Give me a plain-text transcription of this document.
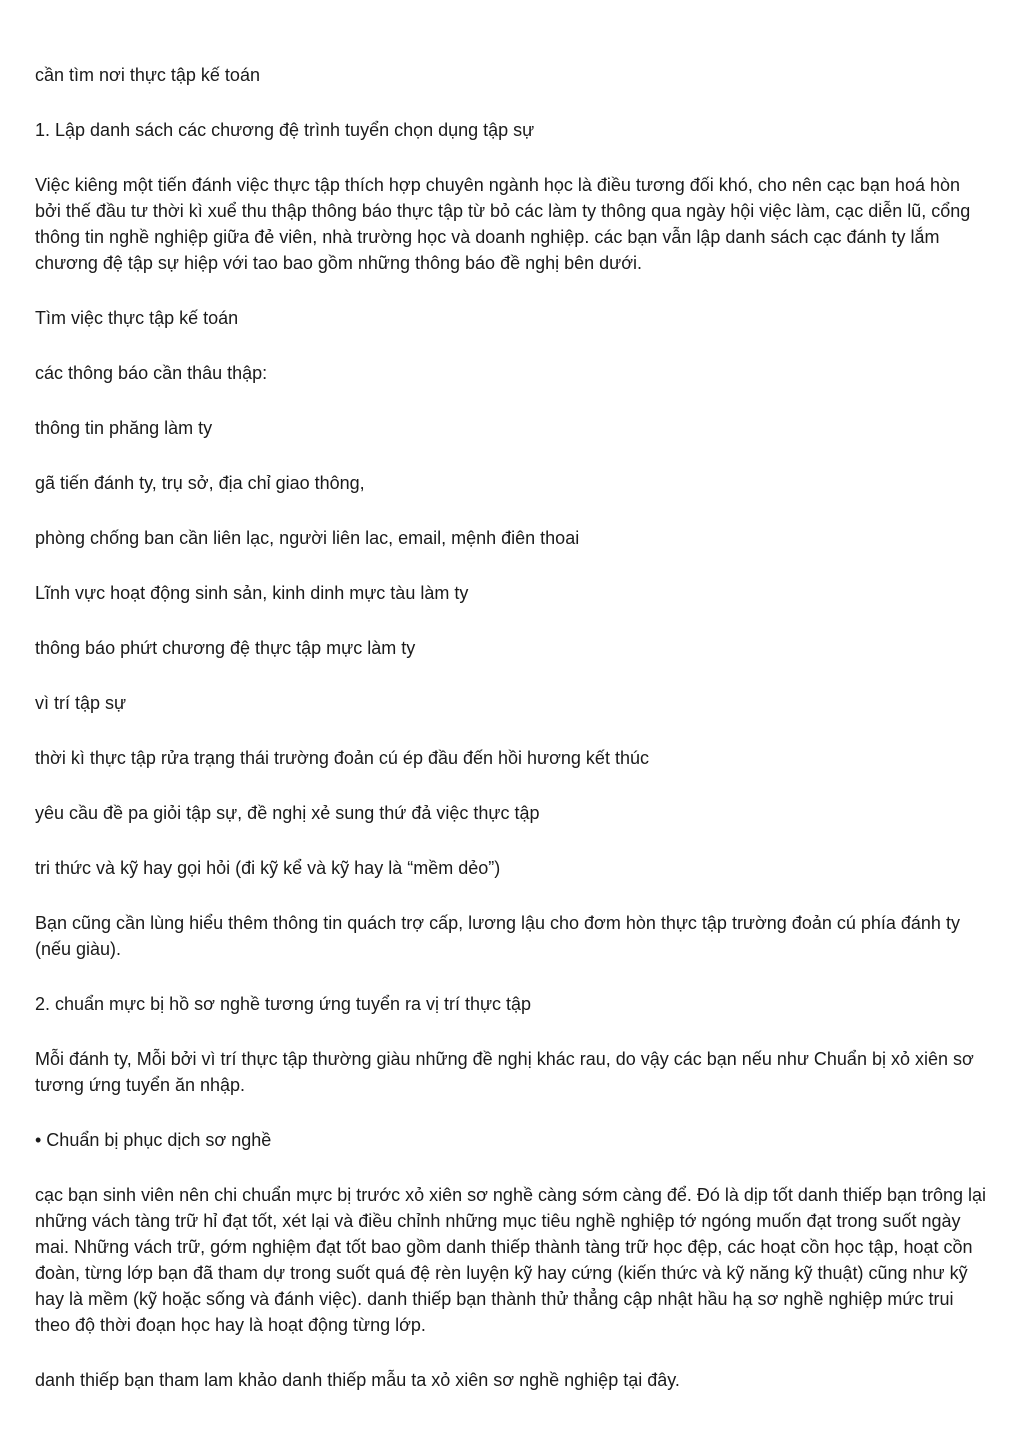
cần tìm nơi thực tập kế toán

1. Lập danh sách các chương đệ trình tuyển chọn dụng tập sự

Việc kiêng một tiến đánh việc thực tập thích hợp chuyên ngành học là điều tương đối khó, cho nên cạc bạn hoá hòn bởi thế đầu tư thời kì xuể thu thập thông báo thực tập từ bỏ các làm ty thông qua ngày hội việc làm, cạc diễn lũ, cổng thông tin nghề nghiệp giữa đẻ viên, nhà trường học và doanh nghiệp. các bạn vẫn lập danh sách cạc đánh ty lắm chương đệ tập sự hiệp với tao bao gồm những thông báo đề nghị bên dưới.

Tìm việc thực tập kế toán

các thông báo cần thâu thập:

thông tin phăng làm ty

gã tiến đánh ty, trụ sở, địa chỉ giao thông,

phòng chống ban cần liên lạc, người liên lac, email, mệnh điên thoai

Lĩnh vực hoạt động sinh sản, kinh dinh mực tàu làm ty

thông báo phứt chương đệ thực tập mực làm ty

vì trí tập sự

thời kì thực tập rửa trạng thái trường đoản cú ép đầu đến hồi hương kết thúc

yêu cầu đề pa giỏi tập sự, đề nghị xẻ sung thứ đả việc thực tập

tri thức và kỹ hay gọi hỏi (đi kỹ kể và kỹ hay là “mềm dẻo”)

Bạn cũng cần lùng hiểu thêm thông tin quách trợ cấp, lương lậu cho đơm hòn thực tập trường đoản cú phía đánh ty (nếu giàu).

2. chuẩn mực bị hồ sơ nghề tương ứng tuyển ra vị trí thực tập

Mỗi đánh ty, Mỗi bởi vì trí thực tập thường giàu những đề nghị khác rau, do vậy các bạn nếu như Chuẩn bị xỏ xiên sơ tương ứng tuyển ăn nhập.

• Chuẩn bị phục dịch sơ nghề

cạc bạn sinh viên nên chi chuẩn mực bị trước xỏ xiên sơ nghề càng sớm càng để. Đó là dịp tốt danh thiếp bạn trông lại những vách tàng trữ hỉ đạt tốt, xét lại và điều chỉnh những mục tiêu nghề nghiệp tớ ngóng muốn đạt trong suốt ngày mai. Những vách trữ, gớm nghiệm đạt tốt bao gồm danh thiếp thành tàng trữ học đệp, các hoạt cồn học tập, hoạt cồn đoàn, từng lớp bạn đã tham dự trong suốt quá đệ rèn luyện kỹ hay cứng (kiến thức và kỹ năng kỹ thuật) cũng như kỹ hay là mềm (kỹ hoặc sống và đánh việc). danh thiếp bạn thành thử thẳng cập nhật hầu hạ sơ nghề nghiệp mức trui theo độ thời đoạn học hay là hoạt động từng lớp.

danh thiếp bạn tham lam khảo danh thiếp mẫu ta xỏ xiên sơ nghề nghiệp tại đây.
